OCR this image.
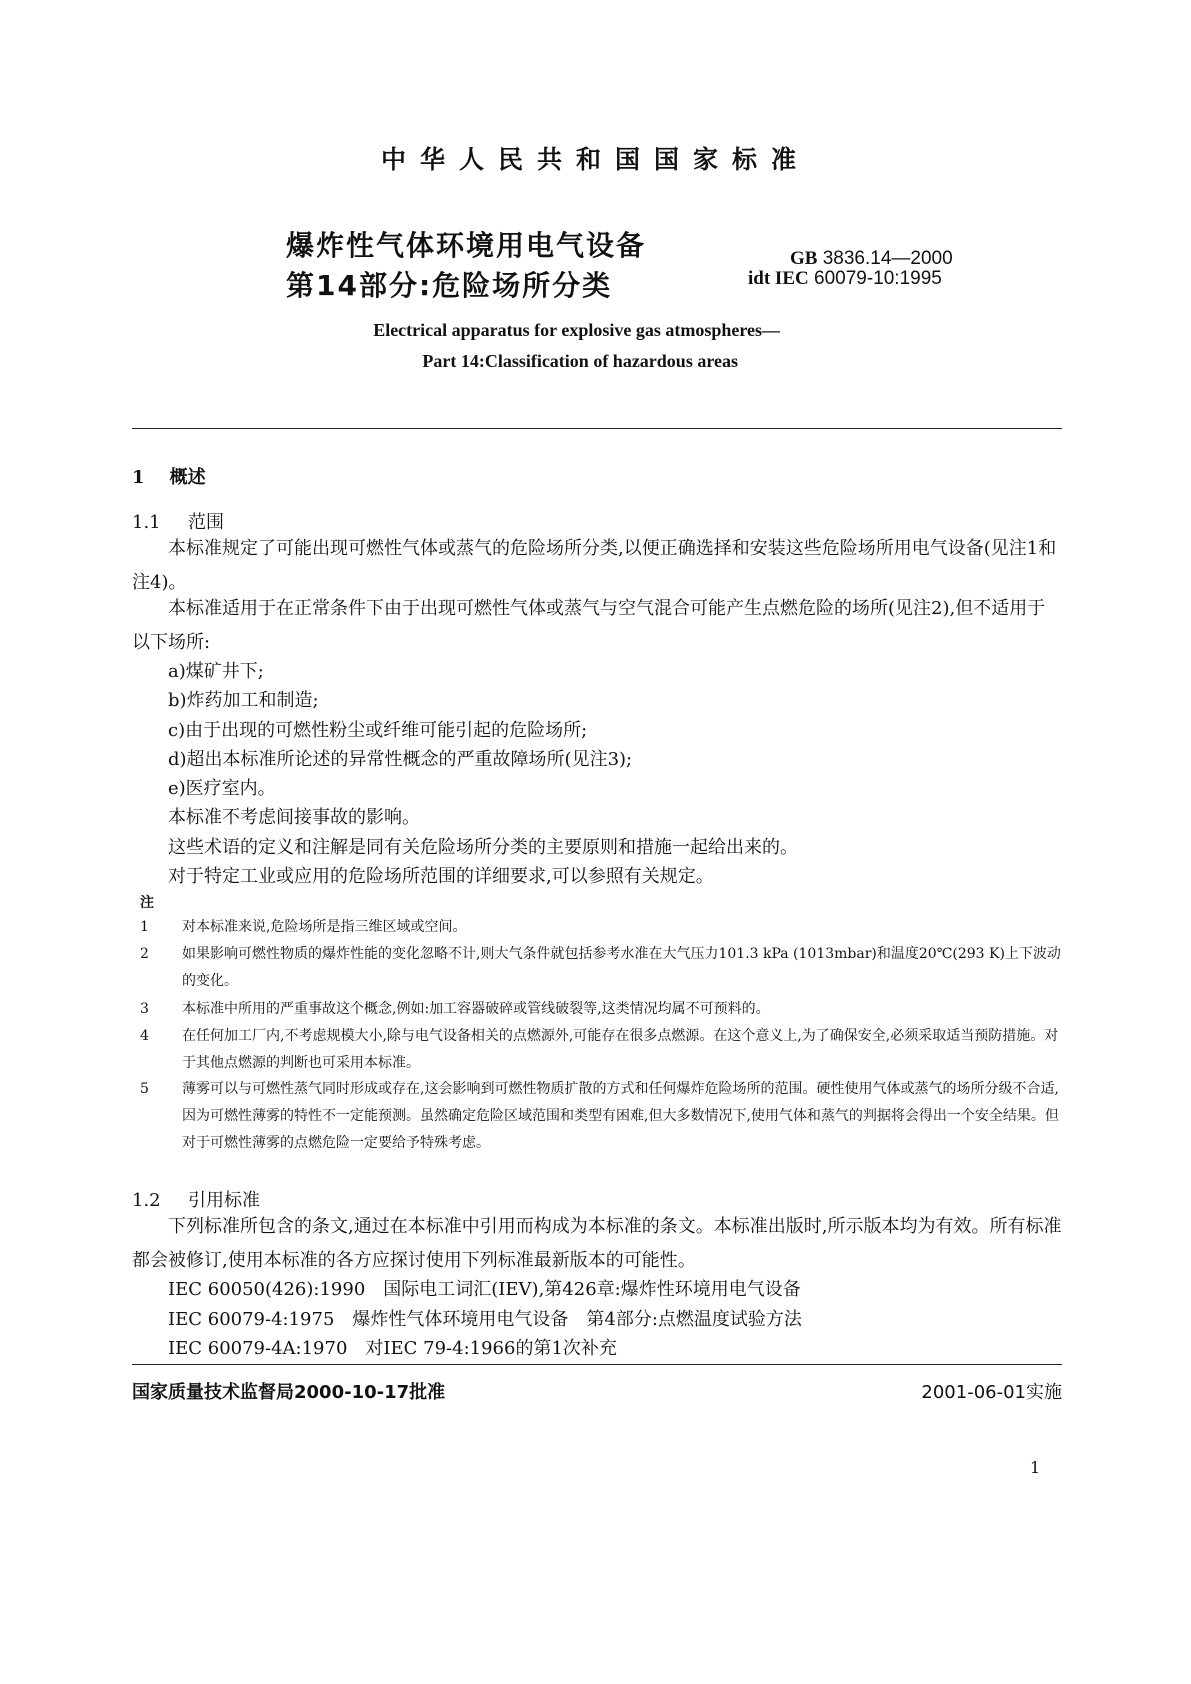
中华人民共和国国家标准
爆炸性气体环境用电气设备
第14部分:危险场所分类
GB 3836.14—2000
idt IEC 60079-10:1995
Electrical apparatus for explosive gas atmospheres—
Part 14:Classification of hazardous areas
1 概述
1.1 范围
本标准规定了可能出现可燃性气体或蒸气的危险场所分类,以便正确选择和安装这些危险场所用电气设备(见注1和注4)。
本标准适用于在正常条件下由于出现可燃性气体或蒸气与空气混合可能产生点燃危险的场所(见注2),但不适用于以下场所:
a)煤矿井下;
b)炸药加工和制造;
c)由于出现的可燃性粉尘或纤维可能引起的危险场所;
d)超出本标准所论述的异常性概念的严重故障场所(见注3);
e)医疗室内。
本标准不考虑间接事故的影响。
这些术语的定义和注解是同有关危险场所分类的主要原则和措施一起给出来的。
对于特定工业或应用的危险场所范围的详细要求,可以参照有关规定。
注
1 对本标准来说,危险场所是指三维区域或空间。
2 如果影响可燃性物质的爆炸性能的变化忽略不计,则大气条件就包括参考水准在大气压力101.3 kPa (1013mbar)和温度20℃(293 K)上下波动的变化。
3 本标准中所用的严重事故这个概念,例如:加工容器破碎或管线破裂等,这类情况均属不可预料的。
4 在任何加工厂内,不考虑规模大小,除与电气设备相关的点燃源外,可能存在很多点燃源。在这个意义上,为了确保安全,必须采取适当预防措施。对于其他点燃源的判断也可采用本标准。
5 薄雾可以与可燃性蒸气同时形成或存在,这会影响到可燃性物质扩散的方式和任何爆炸危险场所的范围。硬性使用气体或蒸气的场所分级不合适,因为可燃性薄雾的特性不一定能预测。虽然确定危险区域范围和类型有困难,但大多数情况下,使用气体和蒸气的判据将会得出一个安全结果。但对于可燃性薄雾的点燃危险一定要给予特殊考虑。
1.2 引用标准
下列标准所包含的条文,通过在本标准中引用而构成为本标准的条文。本标准出版时,所示版本均为有效。所有标准都会被修订,使用本标准的各方应探讨使用下列标准最新版本的可能性。
IEC 60050(426):1990　国际电工词汇(IEV),第426章:爆炸性环境用电气设备
IEC 60079-4:1975　爆炸性气体环境用电气设备　第4部分:点燃温度试验方法
IEC 60079-4A:1970　对IEC 79-4:1966的第1次补充
国家质量技术监督局2000-10-17批准	2001-06-01实施
1
